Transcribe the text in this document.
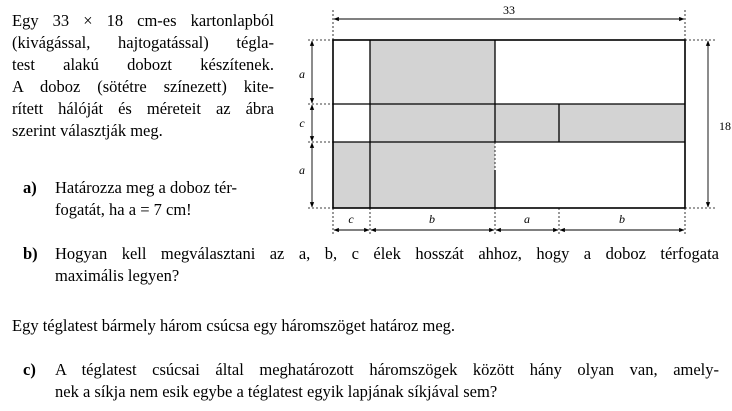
Egy 33 × 18 cm-es kartonlapból
(kivágással, hajtogatással) tégla-
test alakú dobozt készítenek.
A doboz (sötétre színezett) kite-
rített hálóját és méreteit az ábra
szerint választják meg.
a) Határozza meg a doboz tér-
fogatát, ha a = 7 cm!
b) Hogyan kell megválasztani az a, b, c élek hosszát ahhoz, hogy a doboz térfogata
maximális legyen?
Egy téglatest bármely három csúcsa egy háromszöget határoz meg.
c) A téglatest csúcsai által meghatározott háromszögek között hány olyan van, amely-
nek a síkja nem esik egybe a téglatest egyik lapjának síkjával sem?
33
18
a
c
a
c	b	a	b
